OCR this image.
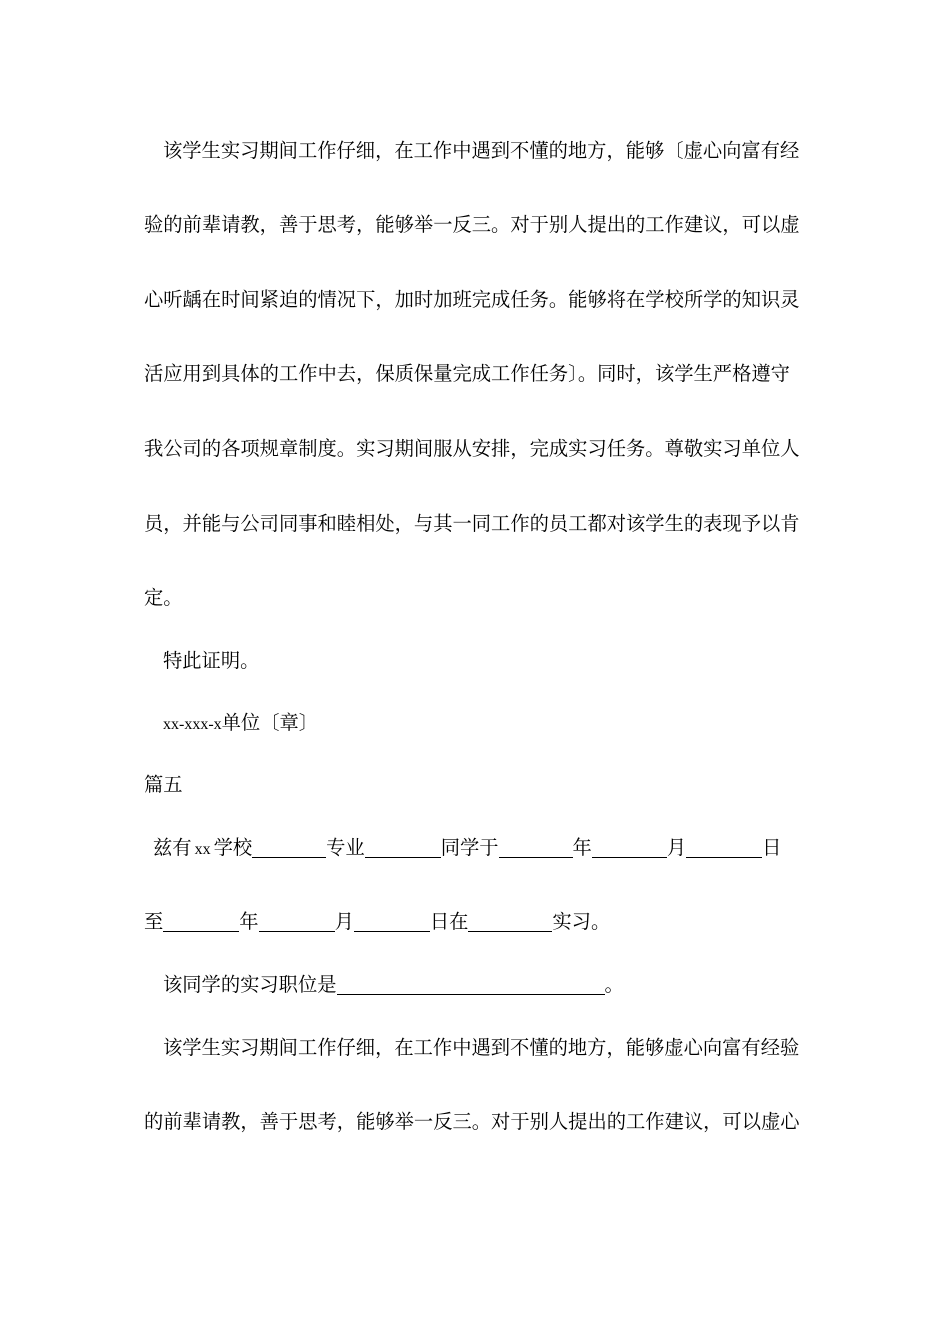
该学生实习期间工作仔细，在工作中遇到不懂的地方，能够〔虚心向富有经
验的前辈请教，善于思考，能够举一反三。对于别人提出的工作建议，可以虚
心听龋在时间紧迫的情况下，加时加班完成任务。能够将在学校所学的知识灵
活应用到具体的工作中去，保质保量完成工作任务〕。同时，该学生严格遵守
我公司的各项规章制度。实习期间服从安排，完成实习任务。尊敬实习单位人
员，并能与公司同事和睦相处，与其一同工作的员工都对该学生的表现予以肯
定。
特此证明。
xx-xxx-x单位〔章〕
篇五
兹有 xx 学校	专业	同学于	年	月	日
至	年	月	日在	实习。
该同学的实习职位是	。
该学生实习期间工作仔细，在工作中遇到不懂的地方，能够虚心向富有经验
的前辈请教，善于思考，能够举一反三。对于别人提出的工作建议，可以虚心
